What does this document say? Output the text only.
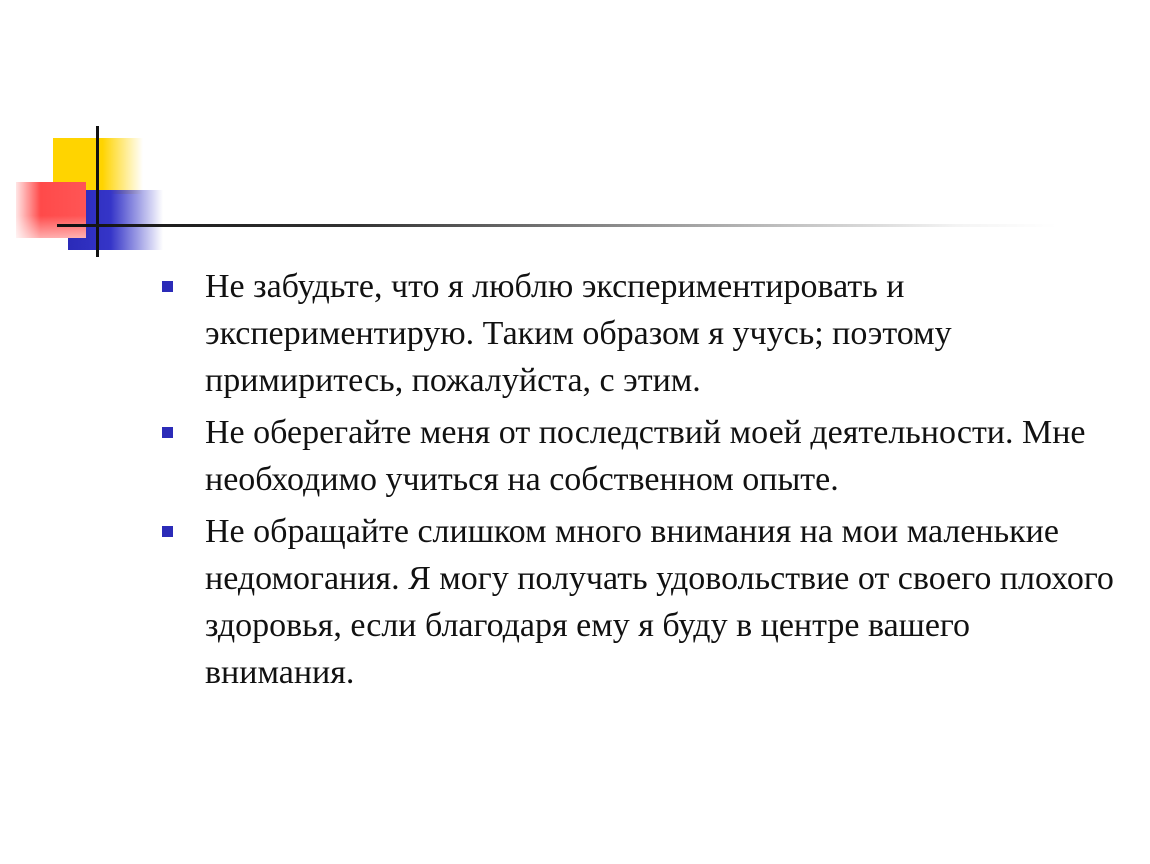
Не забудьте, что я люблю экспериментировать и экспериментирую. Таким образом я учусь; поэтому примиритесь, пожалуйста, с этим.
Не оберегайте меня от последствий моей деятельности. Мне необходимо учиться на собственном опыте.
Не обращайте слишком много внимания на мои маленькие недомогания. Я могу получать удовольствие от своего плохого здоровья, если благодаря ему я буду в центре вашего внимания.
